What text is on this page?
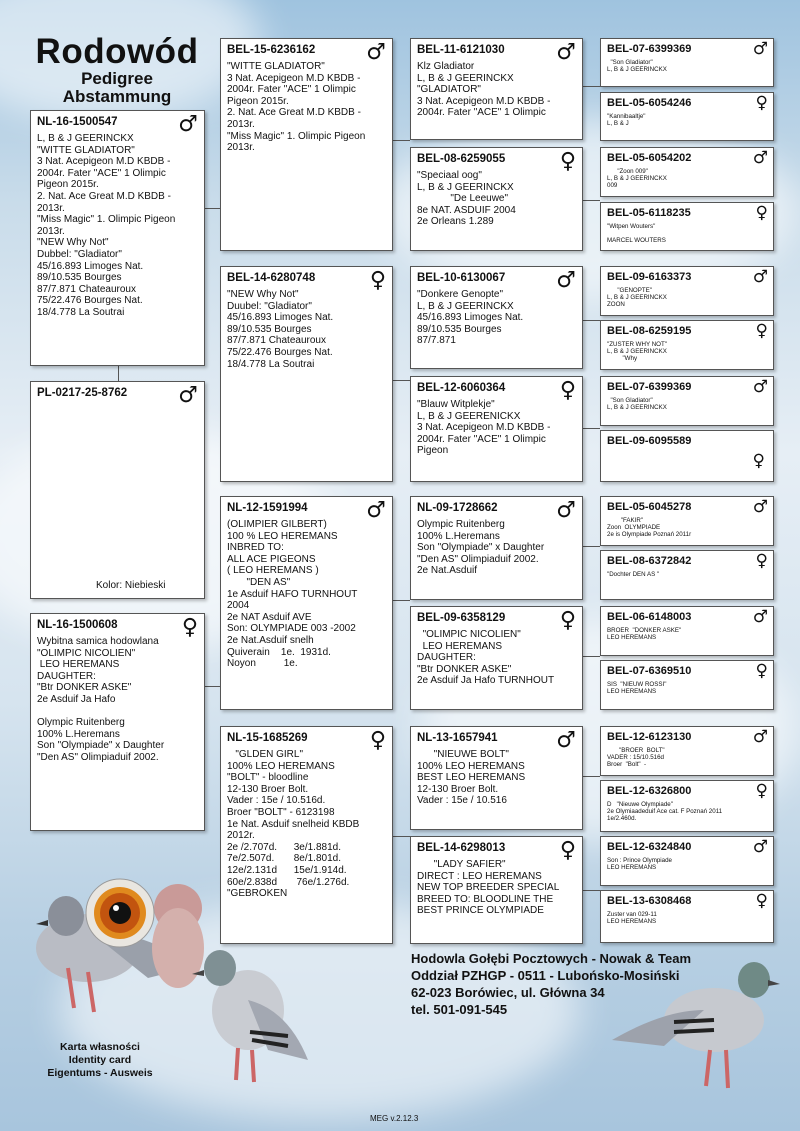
Rodowód
Pedigree
Abstammung
NL-16-1500547	♂
L, B & J GEERINCKX
"WITTE GLADIATOR"
3 Nat. Acepigeon M.D KBDB -
2004r. Fater "ACE" 1 Olimpic
Pigeon 2015r.
2. Nat. Ace Great M.D KBDB -
2013r.
"Miss Magic" 1. Olimpic Pigeon
2013r.
"NEW Why Not"
Dubbel: "Gladiator"
45/16.893 Limoges Nat.
89/10.535 Bourges
87/7.871 Chateauroux
75/22.476 Bourges Nat.
18/4.778 La Soutrai
PL-0217-25-8762	♂
Kolor: Niebieski
NL-16-1500608	♀
Wybitna samica hodowlana
"OLIMPIC NICOLIEN"
LEO HEREMANS
DAUGHTER:
"Btr DONKER ASKE"
2e Asduif Ja Hafo

Olympic Ruitenberg
100% L.Heremans
Son "Olympiade" x Daughter
"Den AS" Olimpiaduif 2002.
BEL-15-6236162	♂
"WITTE GLADIATOR"
3 Nat. Acepigeon M.D KBDB -
2004r. Fater "ACE" 1 Olimpic
Pigeon 2015r.
2. Nat. Ace Great M.D KBDB -
2013r.
"Miss Magic" 1. Olimpic Pigeon
2013r.
BEL-14-6280748	♀
"NEW Why Not"
Duubel: "Gladiator"
45/16.893 Limoges Nat.
89/10.535 Bourges
87/7.871 Chateauroux
75/22.476 Bourges Nat.
18/4.778 La Soutrai
NL-12-1591994	♂
(OLIMPIER GILBERT)
100 % LEO HEREMANS
INBRED TO:
ALL ACE PIGEONS
( LEO HEREMANS )
"DEN AS"
1e Asduif HAFO TURNHOUT
2004
2e NAT Asduif AVE
Son: OLYMPIADE 003 -2002
2e Nat.Asduif snelh
Quiverain    1e.  1931d.
Noyon          1e.
NL-15-1685269	♀
"GLDEN GIRL"
100% LEO HEREMANS
"BOLT" - bloodline
12-130 Broer Bolt.
Vader : 15e / 10.516d.
Broer "BOLT" - 6123198
1e Nat. Asduif snelheid KBDB
2012r.
2e /2.707d.      3e/1.881d.
7e/2.507d.       8e/1.801d.
12e/2.131d      15e/1.914d.
60e/2.838d       76e/1.276d.
"GEBROKEN
BEL-11-6121030	♂
Klz Gladiator
L, B & J GEERINCKX
"GLADIATOR"
3 Nat. Acepigeon M.D KBDB -
2004r. Fater "ACE" 1 Olimpic
BEL-08-6259055	♀
"Speciaal oog"
L, B & J GEERINCKX
"De Leeuwe"
8e NAT. ASDUIF 2004
2e Orleans 1.289
BEL-10-6130067	♂
"Donkere Genopte"
L, B & J GEERINCKX
45/16.893 Limoges Nat.
89/10.535 Bourges
87/7.871
BEL-12-6060364	♀
"Blauw Witplekje"
L, B & J GEERENICKX
3 Nat. Acepigeon M.D KBDB -
2004r. Fater "ACE" 1 Olimpic
Pigeon
NL-09-1728662	♂
Olympic Ruitenberg
100% L.Heremans
Son "Olympiade" x Daughter
"Den AS" Olimpiaduif 2002.
2e Nat.Asduif
BEL-09-6358129	♀
"OLIMPIC NICOLIEN"
LEO HEREMANS
DAUGHTER:
"Btr DONKER ASKE"
2e Asduif Ja Hafo TURNHOUT
NL-13-1657941	♂
"NIEUWE BOLT"
100% LEO HEREMANS
BEST LEO HEREMANS
12-130 Broer Bolt.
Vader : 15e / 10.516
BEL-14-6298013	♀
"LADY SAFIER"
DIRECT : LEO HEREMANS
NEW TOP BREEDER SPECIAL
BREED TO: BLOODLINE THE
BEST PRINCE OLYMPIADE
BEL-07-6399369	♂
"Son Gladiator"
L, B & J GEERINCKX
BEL-05-6054246	♀
"Kannibaaltje"
L, B & J
BEL-05-6054202	♂
"Zoon 009"
L, B & J GEERINCKX
009
BEL-05-6118235	♀
"Witpen Wouters"

MARCEL WOUTERS
BEL-09-6163373	♂
"GENOPTE"
L, B & J GEERINCKX
ZOON
BEL-08-6259195	♀
"ZUSTER WHY NOT"
L, B & J GEERINCKX
"Why
BEL-07-6399369	♂
"Son Gladiator"
L, B & J GEERINCKX
BEL-09-6095589
♀
BEL-05-6045278	♂
"FAKIR"
Zoon  OLYMPIADE
2e is Olympiade Poznań 2011r
BEL-08-6372842	♀
"Dochter DEN AS "
BEL-06-6148003	♂
BROER  "DONKER ASKE"
LEO HEREMANS
BEL-07-6369510	♀
SIS  "NIEUW ROSSI"
LEO HEREMANS
BEL-12-6123130	♂
"BROER  BOLT"
VADER : 15/10.516d
Broer  "Bolt"  -
BEL-12-6326800	♀
D   "Nieuwe Olympiade"
2e Olymiaadeduif Ace cat. F Poznań 2011
1e/2.460d.
BEL-12-6324840	♂
Son : Prince Olympiade
LEO HEREMANS
BEL-13-6308468	♀
Zuster van 029-11
LEO HEREMANS
Hodowla Gołębi Pocztowych - Nowak & Team
Oddział PZHGP - 0511 - Lubońsko-Mosiński
62-023 Borówiec, ul. Główna 34
tel. 501-091-545
Karta własności
Identity card
Eigentums - Ausweis
MEG v.2.12.3
